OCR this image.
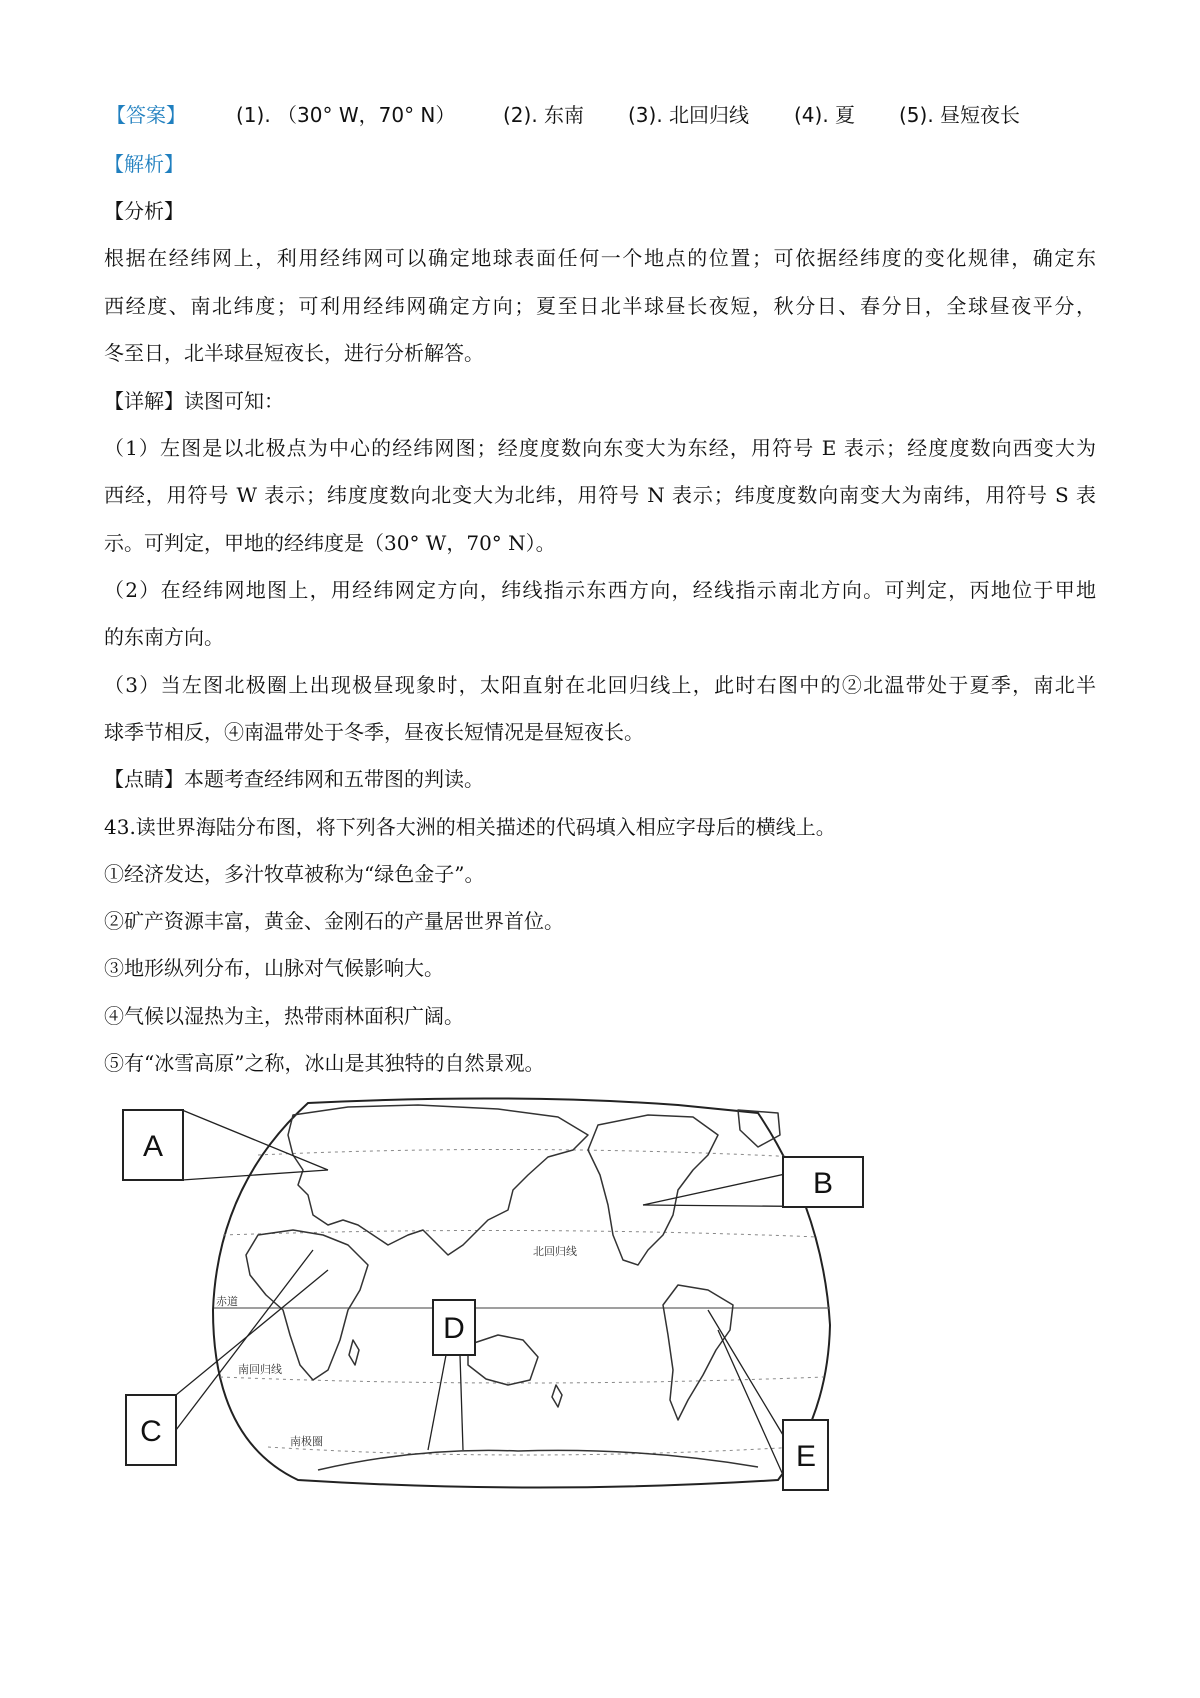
【答案】	(1). （30° W，70° N） (2). 东南 (3). 北回归线 (4). 夏 (5). 昼短夜长
【解析】
【分析】
根据在经纬网上，利用经纬网可以确定地球表面任何一个地点的位置；可依据经纬度的变化规律，确定东
西经度、南北纬度；可利用经纬网确定方向；夏至日北半球昼长夜短，秋分日、春分日，全球昼夜平分，
冬至日，北半球昼短夜长，进行分析解答。
【详解】读图可知：
（1）左图是以北极点为中心的经纬网图；经度度数向东变大为东经，用符号 E 表示；经度度数向西变大为
西经，用符号 W 表示；纬度度数向北变大为北纬，用符号 N 表示；纬度度数向南变大为南纬，用符号 S 表
示。可判定，甲地的经纬度是（30° W，70° N）。
（2）在经纬网地图上，用经纬网定方向，纬线指示东西方向，经线指示南北方向。可判定，丙地位于甲地
的东南方向。
（3）当左图北极圈上出现极昼现象时，太阳直射在北回归线上，此时右图中的②北温带处于夏季，南北半
球季节相反，④南温带处于冬季，昼夜长短情况是昼短夜长。
【点睛】本题考查经纬网和五带图的判读。
43.读世界海陆分布图，将下列各大洲的相关描述的代码填入相应字母后的横线上。
①经济发达，多汁牧草被称为“绿色金子”。
②矿产资源丰富，黄金、金刚石的产量居世界首位。
③地形纵列分布，山脉对气候影响大。
④气候以湿热为主，热带雨林面积广阔。
⑤有“冰雪高原”之称，冰山是其独特的自然景观。
北回归线
赤道
南回归线
南极圈
A
B
C
D
E
